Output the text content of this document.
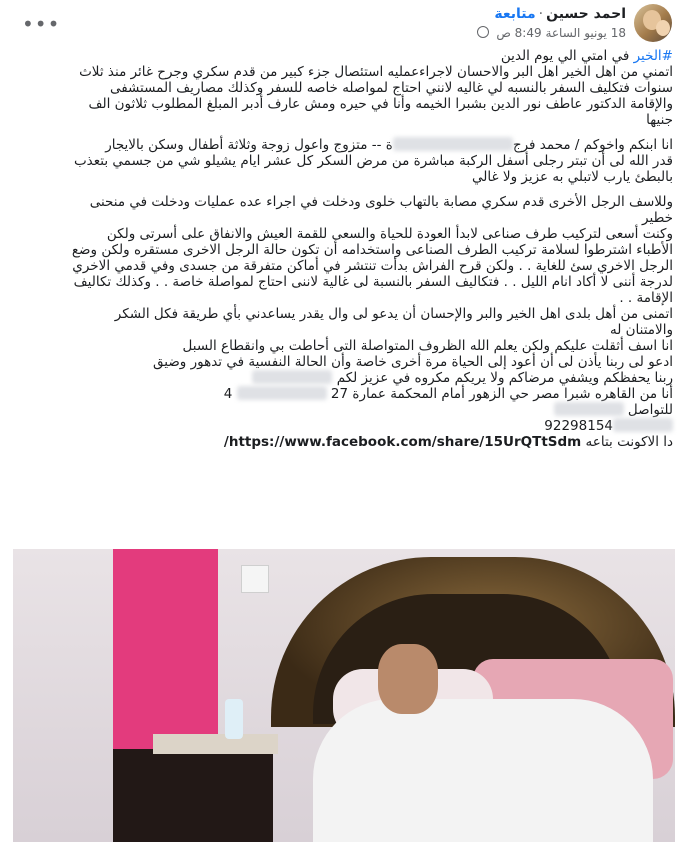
احمد حسين·متابعة
18 يونيو الساعة 8:49 ص
•••

#الخير في امتي الي يوم الدين

اتمني من اهل الخير اهل البر والاحسان لاجراءعمليه استئصال جزء كبير من قدم سكري وجرح غائر منذ ثلاث

سنوات فتكليف السفر بالنسبه لي غاليه لانني احتاج لمواصله خاصه للسفر وكذلك مصاريف المستشفى

والإقامة الدكتور عاطف نور الدين بشبرا الخيمه وأنا في حيره ومش عارف أدبر المبلغ المطلوب ثلاثون الف

جنيها

انا ابنكم واخوكم / محمد فرجة -- متزوج واعول زوجة وثلاثة أطفال وسكن بالايجار

قدر الله لى أن تبتر رجلى أسفل الركبة مباشرة من مرض السكر كل عشر ايام يشيلو شي من جسمي بتعذب

بالبطئ يارب لاتبلي به عزيز ولا غالي

وللاسف الرجل الأخرى قدم سكري مصابة بالتهاب خلوى ودخلت في اجراء عده عمليات ودخلت في منحنى

خطير

وكنت أسعى لتركيب طرف صناعى لابدأ العودة للحياة والسعى للقمة العيش والانفاق على أسرتى ولكن

الأطباء اشترطوا لسلامة تركيب الطرف الصناعى واستخدامه أن تكون حالة الرجل الاخرى مستقره ولكن وضع

الرجل الاخري سئ للغاية . . ولكن قرح الفراش بدأت تنتشر في أماكن متفرقة من جسدى وفي قدمي الاخري

لدرجة أننى لا أكاد انام الليل . . فتكاليف السفر بالنسبة لى غالية لاننى احتاج لمواصلة خاصة . . وكذلك تكاليف

الإقامة . .

اتمنى من أهل بلدى اهل الخير والبر والإحسان أن يدعو لى وال يقدر يساعدني بأي طريقة فكل الشكر

والامتنان له

انا اسف أثقلت عليكم ولكن يعلم الله الظروف المتواصلة التى أحاطت بي وانقطاع السبل

ادعو لى ربنا يأذن لى أن أعود إلى الحياة مرة أخرى خاصة وأن الحالة النفسية في تدهور وضيق

ربنا يحفظكم ويشفي مرضاكم ولا يريكم مكروه في عزيز لكم

أنا من القاهره شبرا مصر حي الزهور أمام المحكمة عمارة 27  4

للتواصل

92298154

دا الاكونت بتاعه https://www.facebook.com/share/15UrQTtSdm/
